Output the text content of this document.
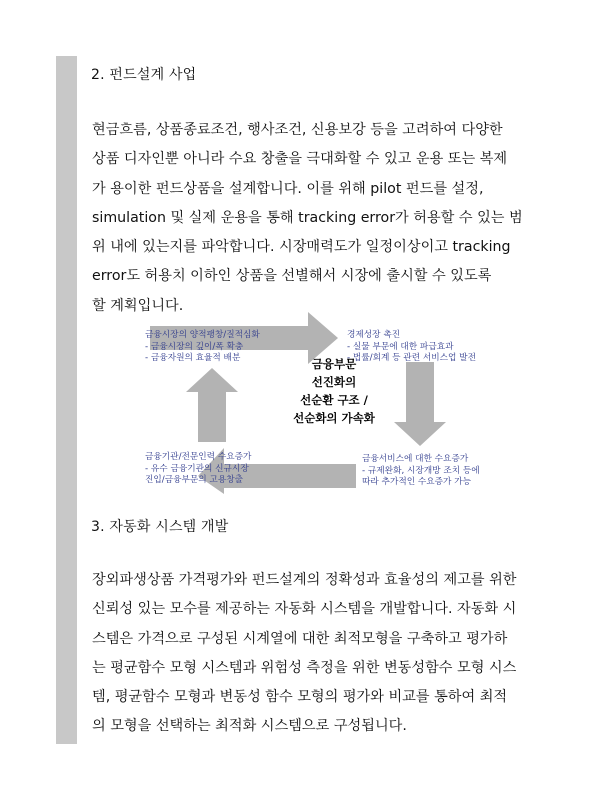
2. 펀드설계 사업

현금흐름, 상품종료조건, 행사조건, 신용보강 등을 고려하여 다양한
상품 디자인뿐 아니라 수요 창출을 극대화할 수 있고 운용 또는 복제
가 용이한 펀드상품을 설계합니다. 이를 위해 pilot 펀드를 설정,
simulation 및 실제 운용을 통해 tracking error가 허용할 수 있는 범
위 내에 있는지를 파악합니다. 시장매력도가 일정이상이고 tracking
error도 허용치 이하인 상품을 선별해서 시장에 출시할 수 있도록
할 계획입니다.

금융시장의 양적팽창/질적심화
- 금융시장의 깊이/폭 확충
- 금융자원의 효율적 배분
경제성장 촉진
- 실물 부문에 대한 파급효과
- 법률/회계 등 관련 서비스업 발전
금융서비스에 대한 수요증가
- 규제완화, 시장개방 조치 등에
따라 추가적인 수요증가 가능
금융기관/전문인력 수요증가
- 유수 금융기관의 신규시장
진입/금융부문의 고용창출
금융부문
선진화의
선순환 구조 /
선순화의 가속화
3. 자동화 시스템 개발

장외파생상품 가격평가와 펀드설계의 정확성과 효율성의 제고를 위한
신뢰성 있는 모수를 제공하는 자동화 시스템을 개발합니다. 자동화 시
스템은 가격으로 구성된 시계열에 대한 최적모형을 구축하고 평가하
는 평균함수 모형 시스템과 위험성 측정을 위한 변동성함수 모형 시스
템, 평균함수 모형과 변동성 함수 모형의 평가와 비교를 통하여 최적
의 모형을 선택하는 최적화 시스템으로 구성됩니다.
